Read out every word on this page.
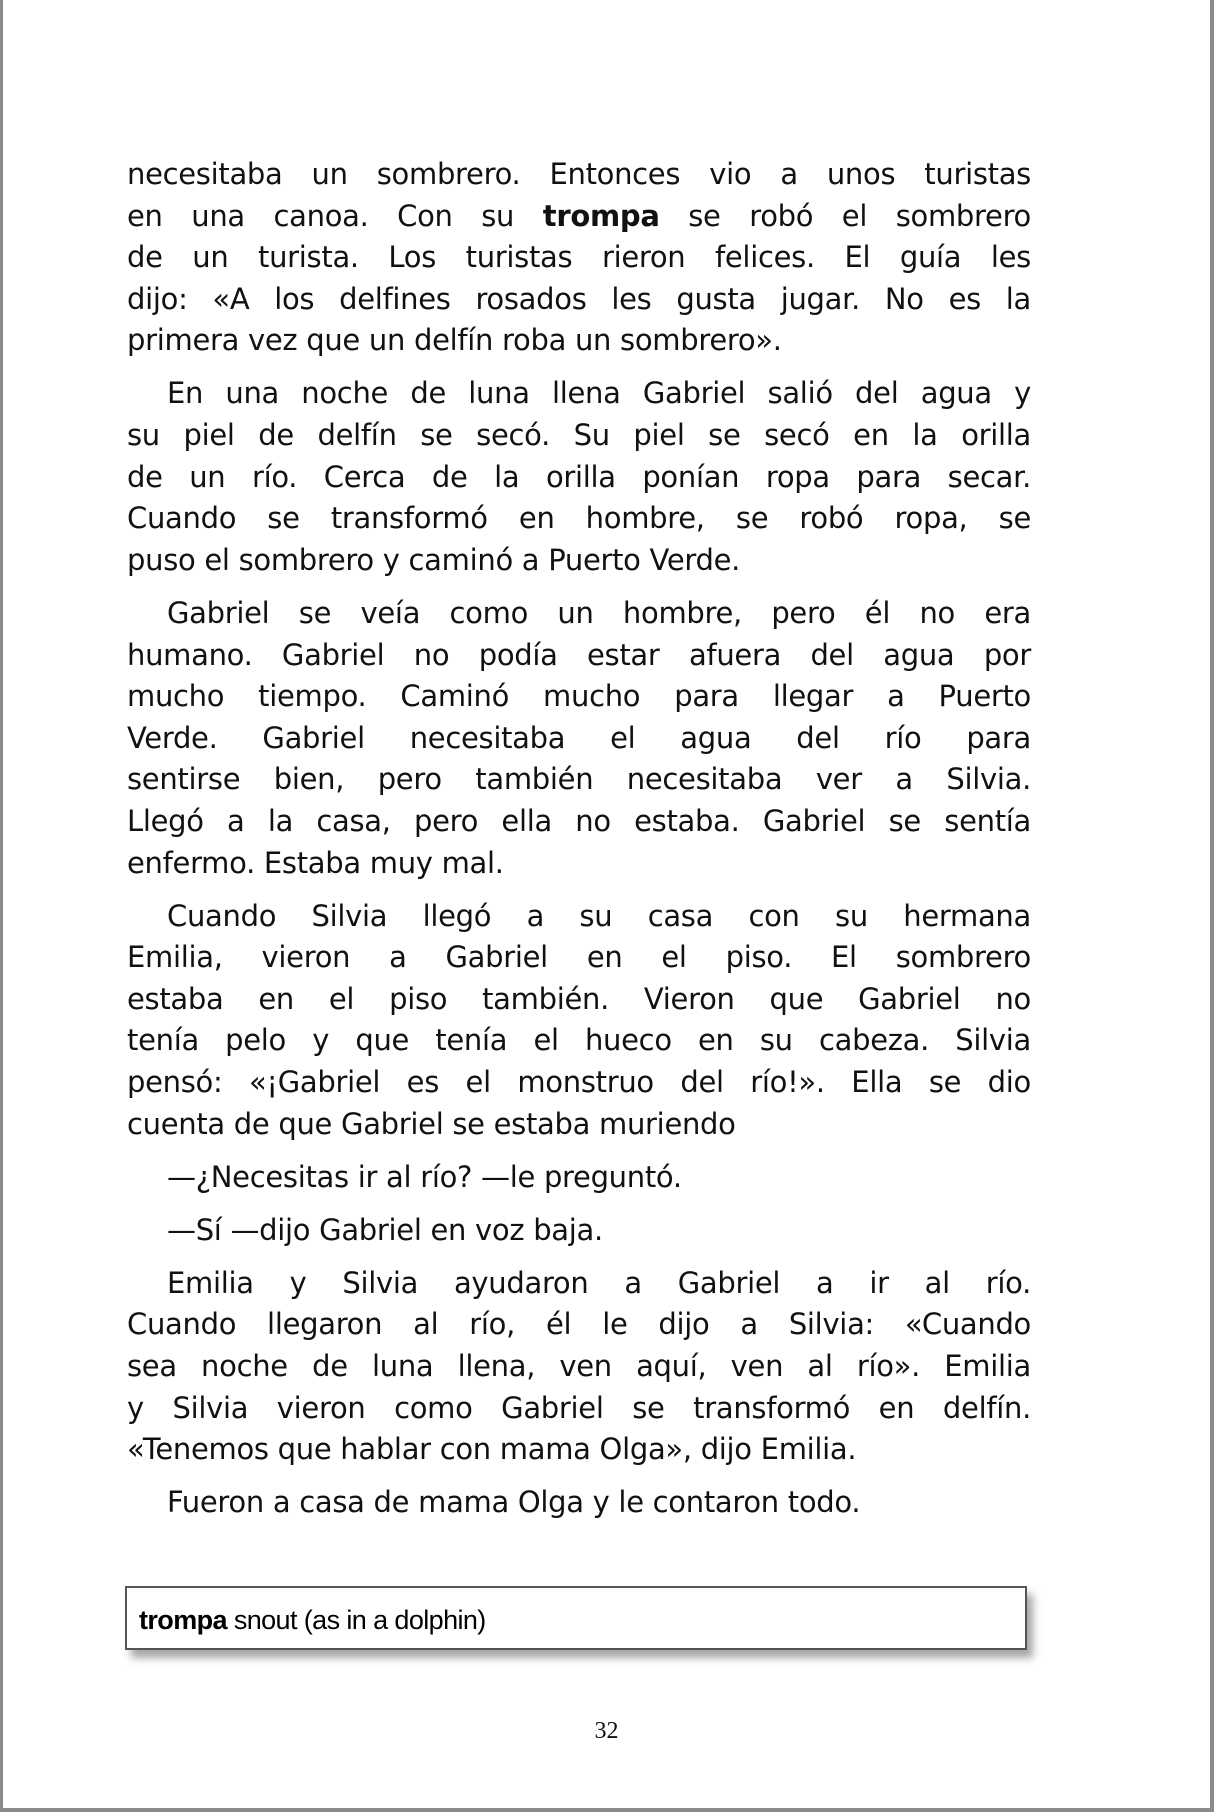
necesitaba un sombrero. Entonces vio a unos turistas
en una canoa. Con su trompa se robó el sombrero
de un turista. Los turistas rieron felices. El guía les
dijo: «A los delfines rosados les gusta jugar. No es la
primera vez que un delfín roba un sombrero».
En una noche de luna llena Gabriel salió del agua y
su piel de delfín se secó. Su piel se secó en la orilla
de un río. Cerca de la orilla ponían ropa para secar.
Cuando se transformó en hombre, se robó ropa, se
puso el sombrero y caminó a Puerto Verde.
Gabriel se veía como un hombre, pero él no era
humano. Gabriel no podía estar afuera del agua por
mucho tiempo. Caminó mucho para llegar a Puerto
Verde. Gabriel necesitaba el agua del río para
sentirse bien, pero también necesitaba ver a Silvia.
Llegó a la casa, pero ella no estaba. Gabriel se sentía
enfermo. Estaba muy mal.
Cuando Silvia llegó a su casa con su hermana
Emilia, vieron a Gabriel en el piso. El sombrero
estaba en el piso también. Vieron que Gabriel no
tenía pelo y que tenía el hueco en su cabeza. Silvia
pensó: «¡Gabriel es el monstruo del río!». Ella se dio
cuenta de que Gabriel se estaba muriendo
—¿Necesitas ir al río? —le preguntó.
—Sí —dijo Gabriel en voz baja.
Emilia y Silvia ayudaron a Gabriel a ir al río.
Cuando llegaron al río, él le dijo a Silvia: «Cuando
sea noche de luna llena, ven aquí, ven al río». Emilia
y Silvia vieron como Gabriel se transformó en delfín.
«Tenemos que hablar con mama Olga», dijo Emilia.
Fueron a casa de mama Olga y le contaron todo.
trompa snout (as in a dolphin)
32
